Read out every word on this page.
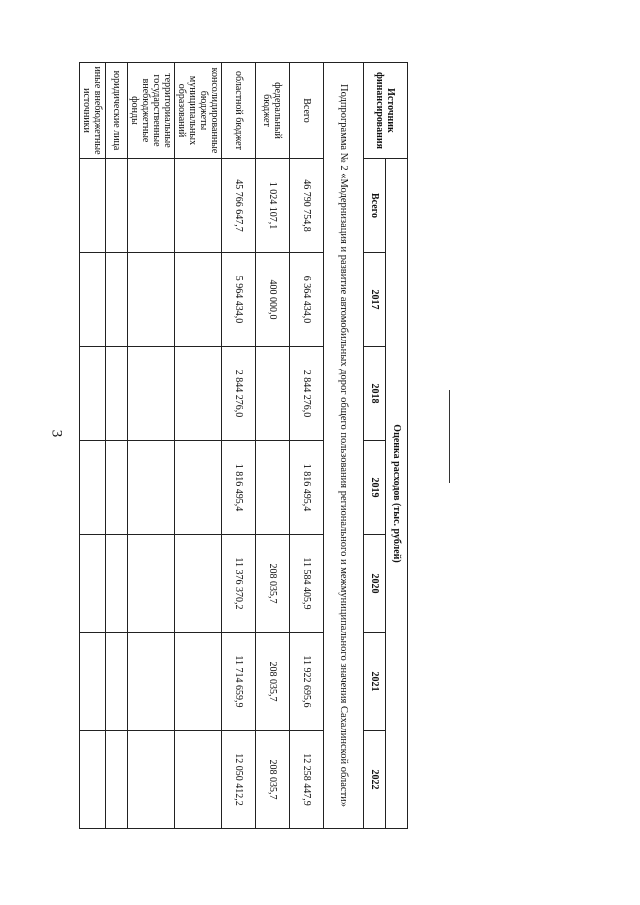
3
Источник финансирования	Оценка расходов (тыс. рублей)						
	Всего	2017	2018	2019	2020	2021	2022
Подпрограмма № 2 «Модернизация и развитие автомобильных дорог общего пользования регионального и межмуниципального значения Сахалинской области»							
Всего	46 790 754,8	6 364 434,0	2 844 276,0	1 816 495,4	11 584 405,9	11 922 695,6	12 258 447,9
федеральный бюджет	1 024 107,1	400 000,0			208 035,7	208 035,7	208 035,7
областной бюджет	45 766 647,7	5 964 434,0	2 844 276,0	1 816 495,4	11 376 370,2	11 714 659,9	12 050 412,2
консолидированные бюджеты муниципальных образований							
территориальные государственные внебюджетные фонды							
юридические лица							
иные внебюджетные источники							
